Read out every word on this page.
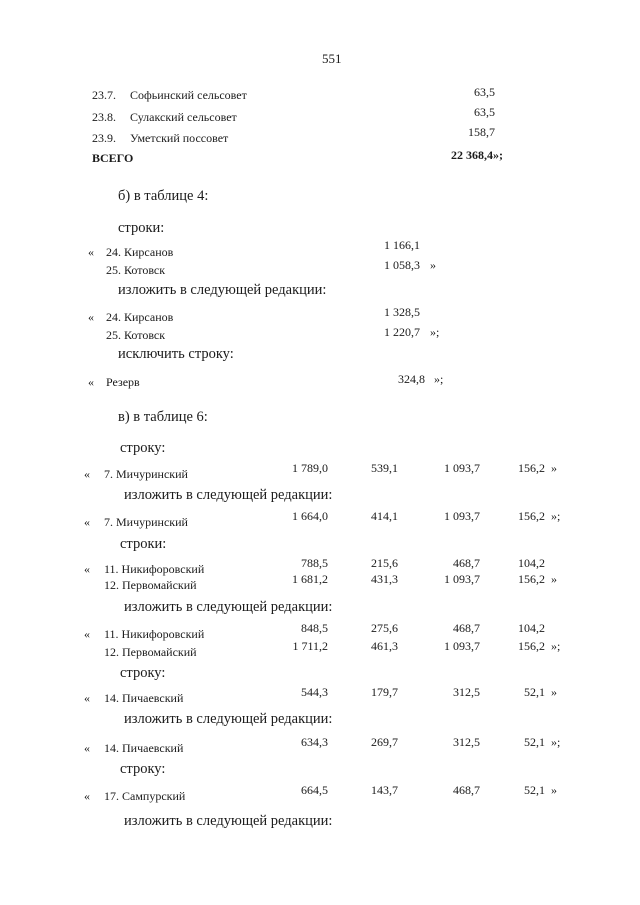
551
23.7. Софьинский сельсовет	63,5
23.8. Сулакский сельсовет	63,5
23.9. Уметский поссовет	158,7
ВСЕГО	22 368,4»;
б) в таблице 4:
строки:
« 24. Кирсанов	1 166,1
25. Котовск	1 058,3 »
изложить в следующей редакции:
« 24. Кирсанов	1 328,5
25. Котовск	1 220,7 »;
исключить строку:
« Резерв	324,8 »;
в) в таблице 6:
строку:
« 7. Мичуринский	1 789,0	539,1	1 093,7	156,2 »
изложить в следующей редакции:
« 7. Мичуринский	1 664,0	414,1	1 093,7	156,2 »;
строки:
« 11. Никифоровский	788,5	215,6	468,7	104,2
12. Первомайский	1 681,2	431,3	1 093,7	156,2 »
изложить в следующей редакции:
« 11. Никифоровский	848,5	275,6	468,7	104,2
12. Первомайский	1 711,2	461,3	1 093,7	156,2 »;
строку:
« 14. Пичаевский	544,3	179,7	312,5	52,1 »
изложить в следующей редакции:
« 14. Пичаевский	634,3	269,7	312,5	52,1 »;
строку:
« 17. Сампурский	664,5	143,7	468,7	52,1 »
изложить в следующей редакции:
